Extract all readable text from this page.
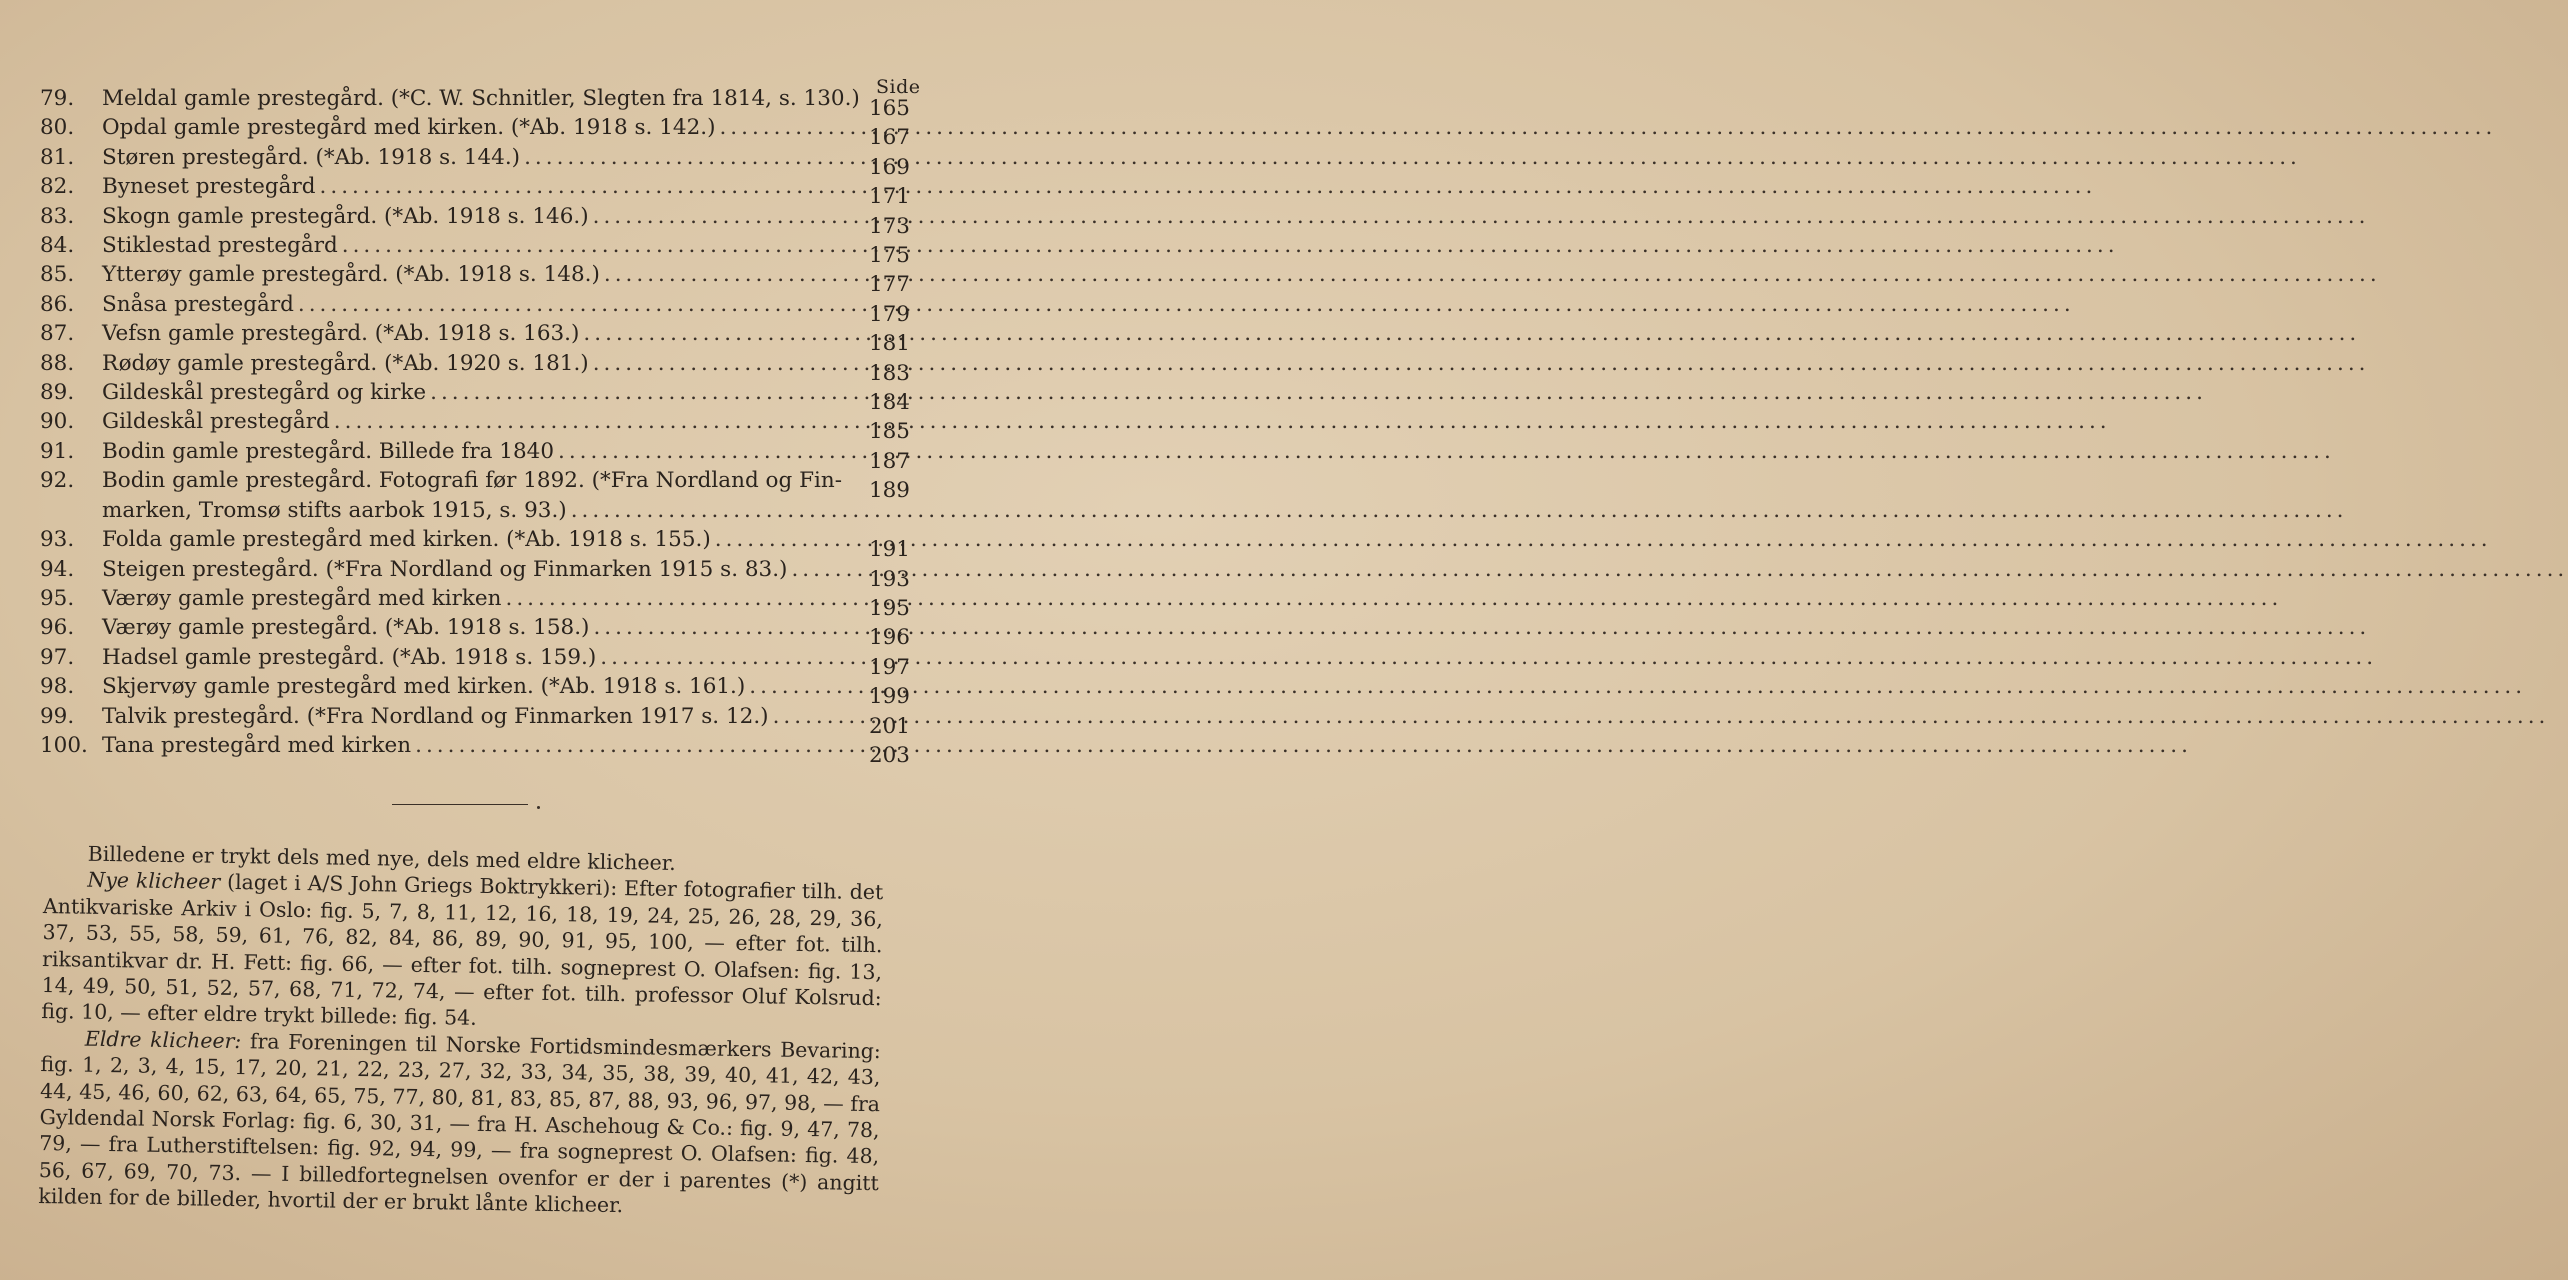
Side
79.	Meldal gamle prestegård. (*C. W. Schnitler, Slegten fra 1814, s. 130.) 165
80.	Opdal gamle prestegård med kirken. (*Ab. 1918 s. 142.) .....	167
81.	Støren prestegård. (*Ab. 1918 s. 144.) .....	169
82.	Byneset prestegård .....	171
83.	Skogn gamle prestegård. (*Ab. 1918 s. 146.) .....	173
84.	Stiklestad prestegård .....	175
85.	Ytterøy gamle prestegård. (*Ab. 1918 s. 148.) .....	177
86.	Snåsa prestegård .....	179
87.	Vefsn gamle prestegård. (*Ab. 1918 s. 163.) .....	181
88.	Rødøy gamle prestegård. (*Ab. 1920 s. 181.) .....	183
89.	Gildeskål prestegård og kirke .....	184
90.	Gildeskål prestegård .....	185
91.	Bodin gamle prestegård. Billede fra 1840 .....	187
92.	Bodin gamle prestegård. Fotografi før 1892. (*Fra Nordland og Fin-
marken, Tromsø stifts aarbok 1915, s. 93.)
.....
189
93.	Folda gamle prestegård med kirken. (*Ab. 1918 s. 155.) .....	191
94.	Steigen prestegård. (*Fra Nordland og Finmarken 1915 s. 83.) .....	193
95.	Værøy gamle prestegård med kirken .....	195
96.	Værøy gamle prestegård. (*Ab. 1918 s. 158.) .....	196
97.	Hadsel gamle prestegård. (*Ab. 1918 s. 159.) .....	197
98.	Skjervøy gamle prestegård med kirken. (*Ab. 1918 s. 161.) .....	199
99.	Talvik prestegård. (*Fra Nordland og Finmarken 1917 s. 12.) .....	201
100. Tana prestegård med kirken .....	203

Billedene er trykt dels med nye, dels med eldre klicheer.

Nye klicheer (laget i A/S John Griegs Boktrykkeri): Efter fotografier tilh. det Antikvariske Arkiv i Oslo: fig. 5, 7, 8, 11, 12, 16, 18, 19, 24, 25, 26, 28, 29, 36, 37, 53, 55, 58, 59, 61, 76, 82, 84, 86, 89, 90, 91, 95, 100, — efter fot. tilh. riksantikvar dr. H. Fett: fig. 66, — efter fot. tilh. sogneprest O. Olafsen: fig. 13, 14, 49, 50, 51, 52, 57, 68, 71, 72, 74, — efter fot. tilh. professor Oluf Kolsrud: fig. 10, — efter eldre trykt billede: fig. 54.

Eldre klicheer: fra Foreningen til Norske Fortidsmindesmærkers Bevaring: fig. 1, 2, 3, 4, 15, 17, 20, 21, 22, 23, 27, 32, 33, 34, 35, 38, 39, 40, 41, 42, 43, 44, 45, 46, 60, 62, 63, 64, 65, 75, 77, 80, 81, 83, 85, 87, 88, 93, 96, 97, 98, — fra Gyldendal Norsk Forlag: fig. 6, 30, 31, — fra H. Aschehoug & Co.: fig. 9, 47, 78, 79, — fra Lutherstiftelsen: fig. 92, 94, 99, — fra sogneprest O. Olafsen: fig. 48, 56, 67, 69, 70, 73. — I billedfortegnelsen ovenfor er der i parentes (*) angitt kilden for de billeder, hvortil der er brukt lånte klicheer.
